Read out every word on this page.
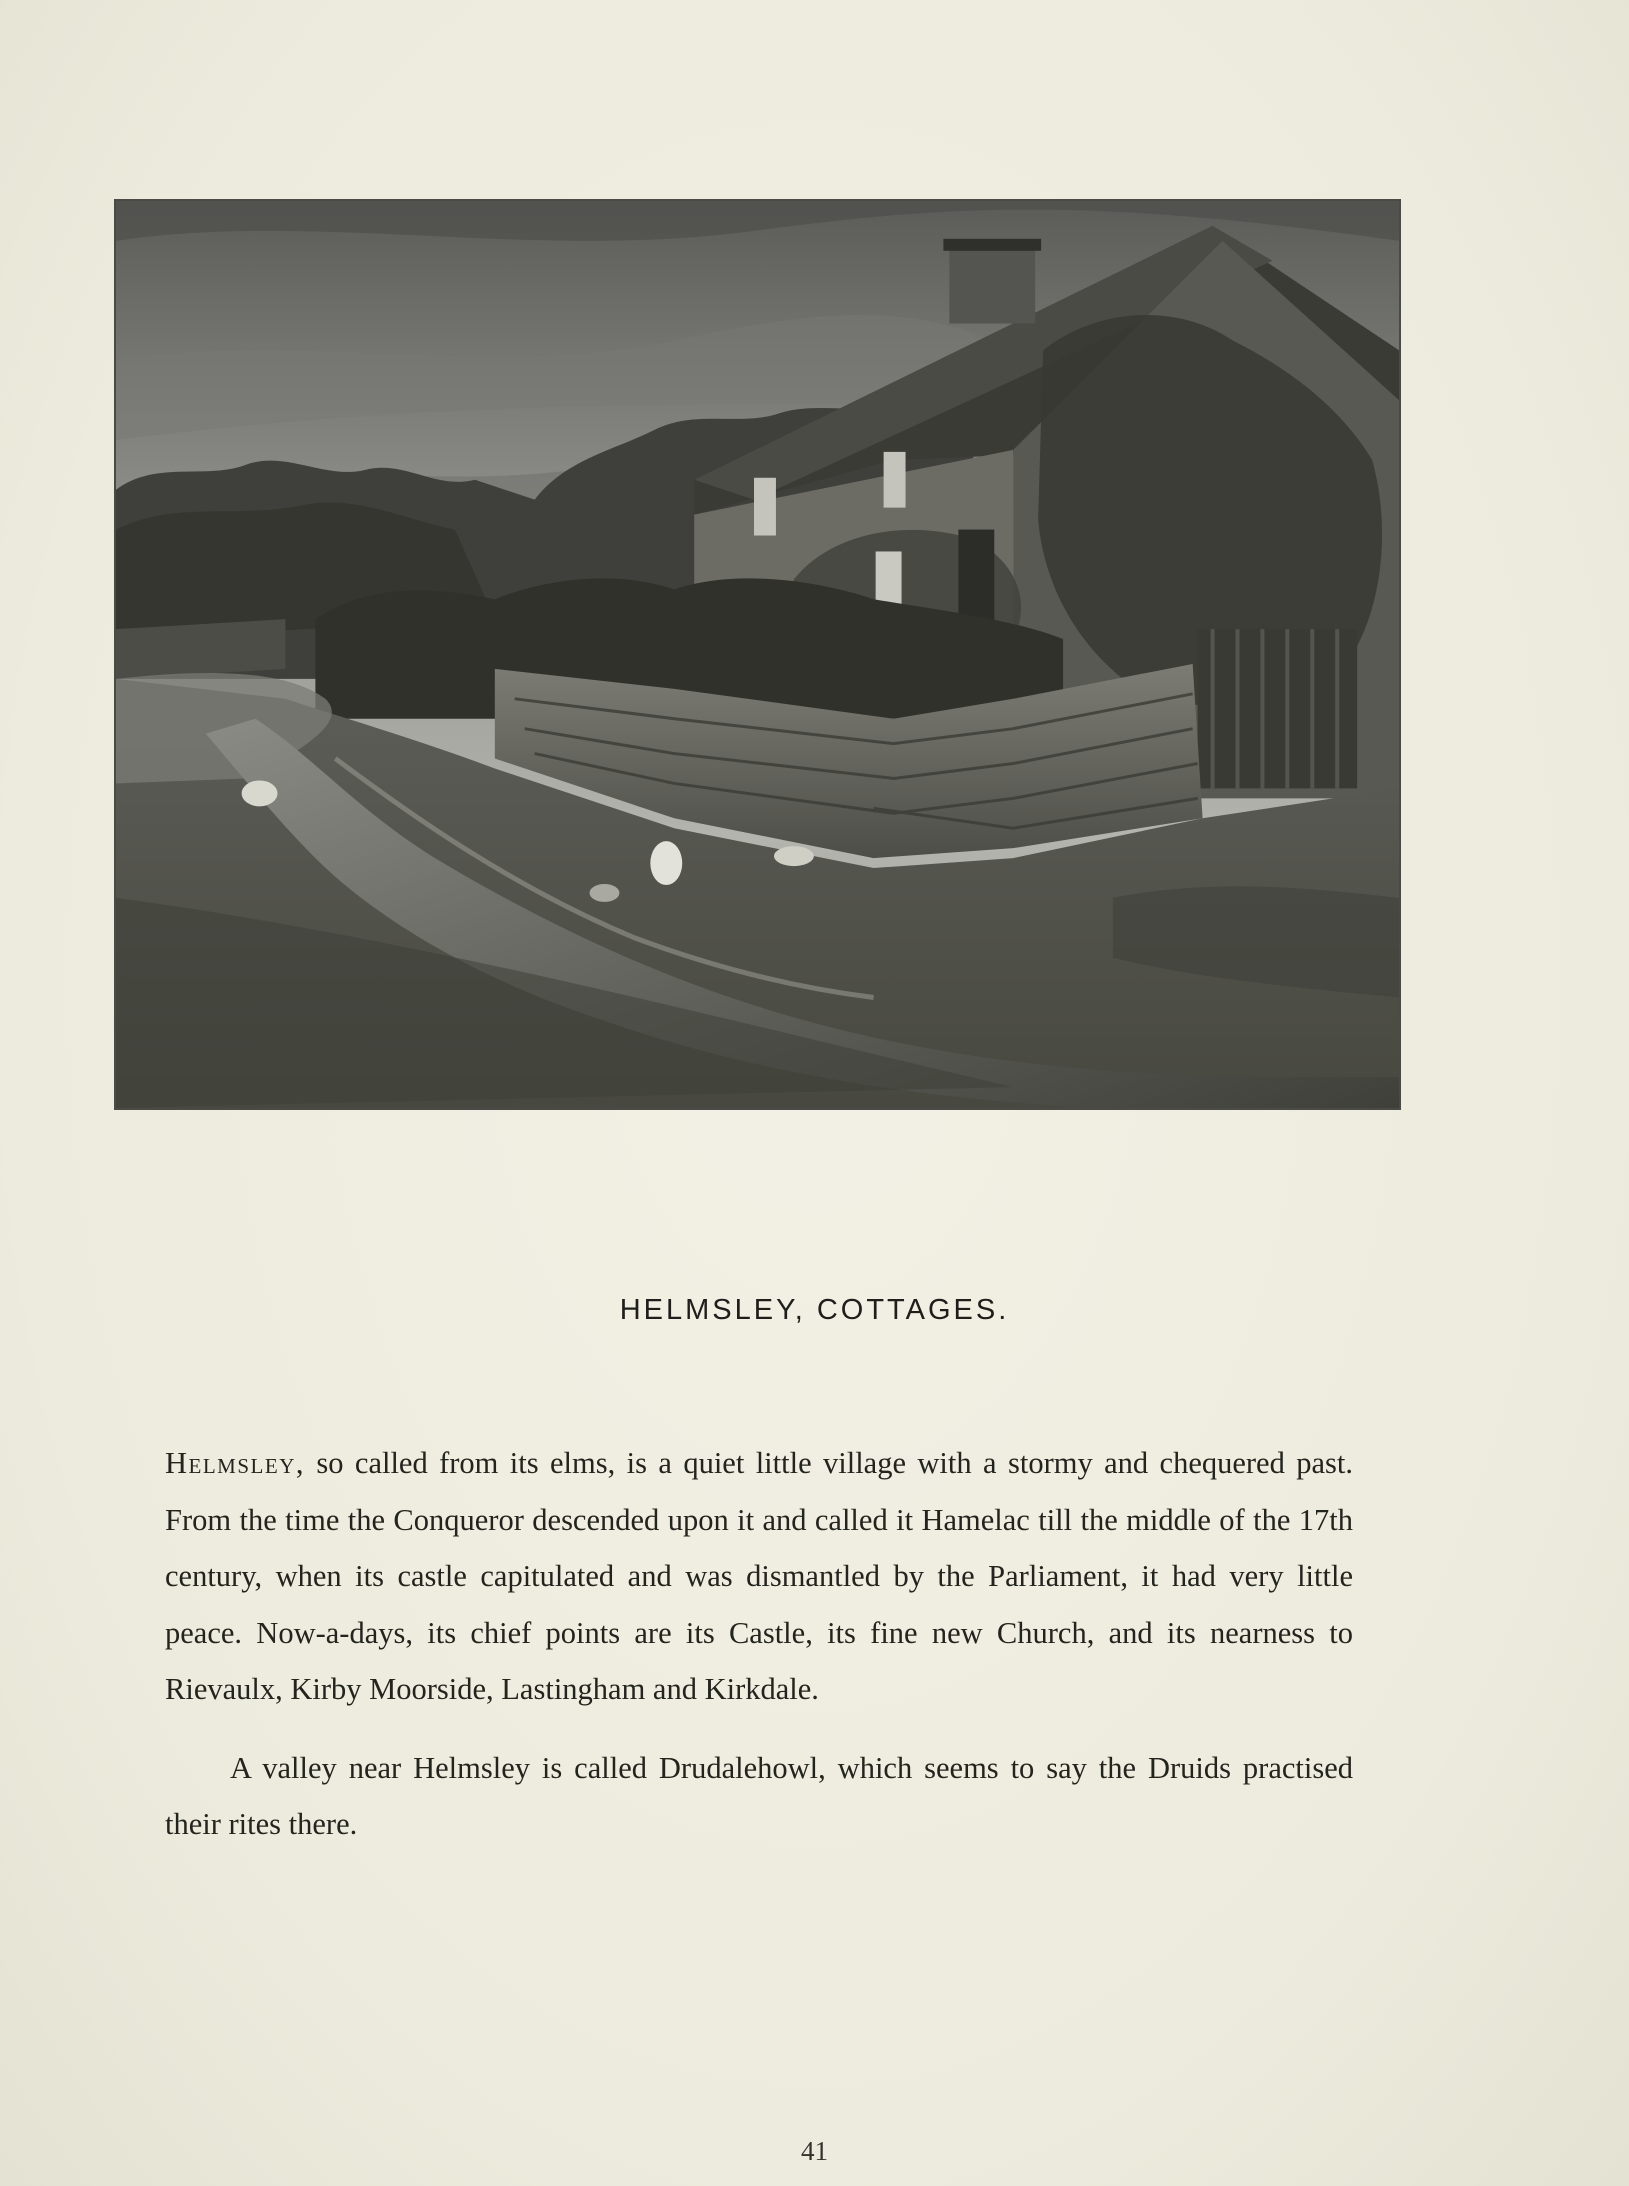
HELMSLEY, COTTAGES.

Helmsley, so called from its elms, is a quiet little village with a stormy and chequered past. From the time the Conqueror descended upon it and called it Hamelac till the middle of the 17th century, when its castle capitulated and was dismantled by the Parliament, it had very little peace. Now-a-days, its chief points are its Castle, its fine new Church, and its nearness to Rievaulx, Kirby Moorside, Lastingham and Kirkdale.

A valley near Helmsley is called Drudalehowl, which seems to say the Druids practised their rites there.

41
